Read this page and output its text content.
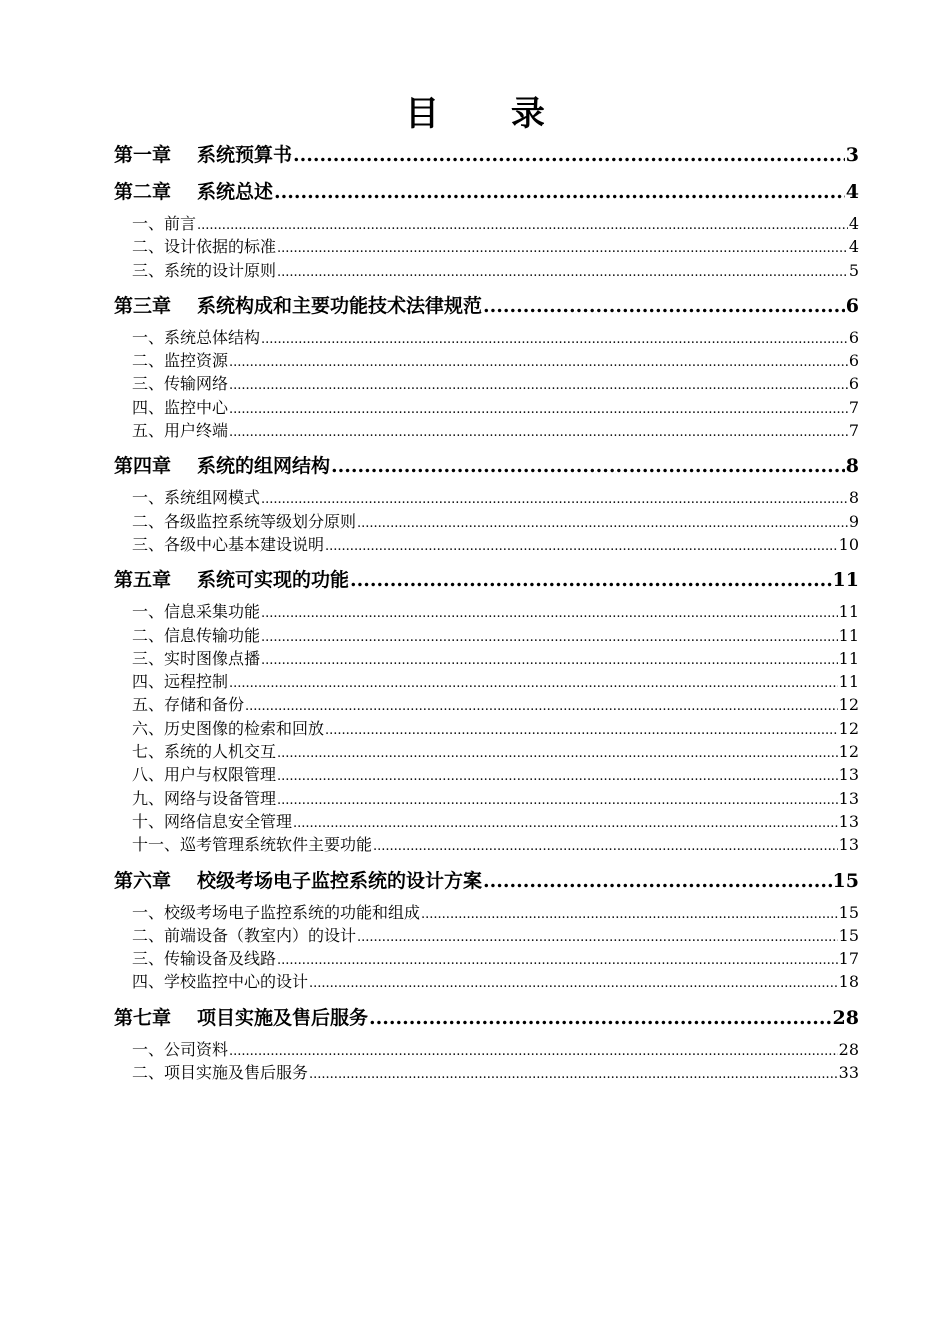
目 录
第一章 系统预算书 .....	3
第二章 系统总述 .....	4
一、前言 .....	4
二、设计依据的标准 .....	4
三、系统的设计原则 .....	5
第三章 系统构成和主要功能技术法律规范 .....	6
一、系统总体结构 .....	6
二、监控资源 .....	6
三、传输网络 .....	6
四、监控中心 .....	7
五、用户终端 .....	7
第四章 系统的组网结构 .....	8
一、系统组网模式 .....	8
二、各级监控系统等级划分原则 .....	9
三、各级中心基本建设说明 .....	10
第五章 系统可实现的功能 .....	11
一、信息采集功能 .....	11
二、信息传输功能 .....	11
三、实时图像点播 .....	11
四、远程控制 .....	11
五、存储和备份 .....	12
六、历史图像的检索和回放 .....	12
七、系统的人机交互 .....	12
八、用户与权限管理 .....	13
九、网络与设备管理 .....	13
十、网络信息安全管理 .....	13
十一、巡考管理系统软件主要功能 .....	13
第六章 校级考场电子监控系统的设计方案 .....	15
一、校级考场电子监控系统的功能和组成 .....	15
二、前端设备（教室内）的设计 .....	15
三、传输设备及线路 .....	17
四、学校监控中心的设计 .....	18
第七章 项目实施及售后服务 .....	28
一、公司资料 .....	28
二、项目实施及售后服务 .....	33
